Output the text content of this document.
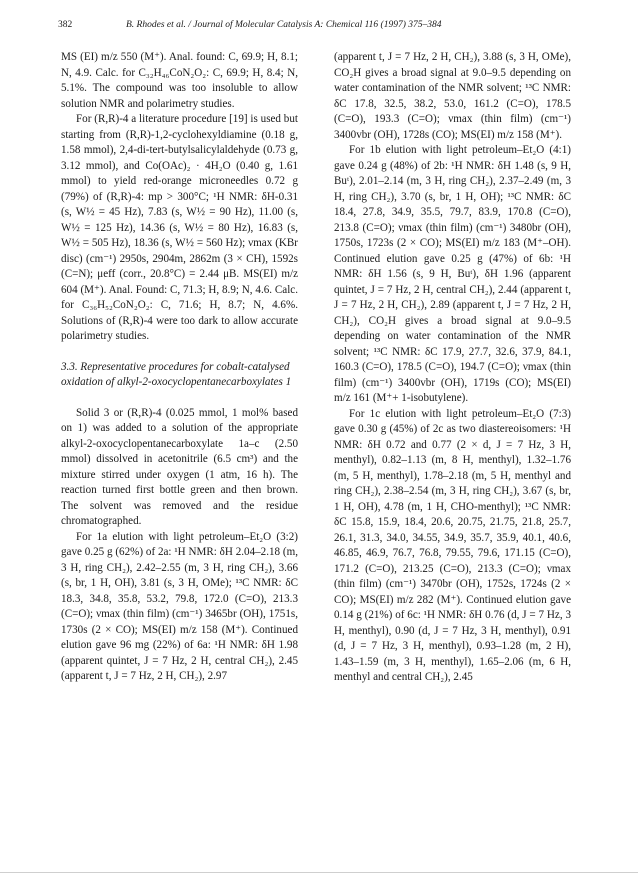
382	B. Rhodes et al. / Journal of Molecular Catalysis A: Chemical 116 (1997) 375–384

MS (EI) m/z 550 (M⁺). Anal. found: C, 69.9; H, 8.1; N, 4.9. Calc. for C₃₂H₄₆CoN₂O₂: C, 69.9; H, 8.4; N, 5.1%. The compound was too insoluble to allow solution NMR and polarimetry studies.

For (R,R)-4 a literature procedure [19] is used but starting from (R,R)-1,2-cyclohexyldiamine (0.18 g, 1.58 mmol), 2,4-di-tert-butylsalicylaldehyde (0.73 g, 3.12 mmol), and Co(OAc)₂ · 4H₂O (0.40 g, 1.61 mmol) to yield red-orange microneedles 0.72 g (79%) of (R,R)-4: mp > 300°C; ¹H NMR: δH-0.31 (s, W½ = 45 Hz), 7.83 (s, W½ = 90 Hz), 11.00 (s, W½ = 125 Hz), 14.36 (s, W½ = 80 Hz), 16.83 (s, W½ = 505 Hz), 18.36 (s, W½ = 560 Hz); νmax (KBr disc) (cm⁻¹) 2950s, 2904m, 2862m (3 × CH), 1592s (C=N); μeff (corr., 20.8°C) = 2.44 μB. MS(EI) m/z 604 (M⁺). Anal. Found: C, 71.3; H, 8.9; N, 4.6. Calc. for C₃₆H₅₂CoN₂O₂: C, 71.6; H, 8.7; N, 4.6%. Solutions of (R,R)-4 were too dark to allow accurate polarimetry studies.

3.3. Representative procedures for cobalt-catalysed oxidation of alkyl-2-oxocyclopentanecarboxylates 1

Solid 3 or (R,R)-4 (0.025 mmol, 1 mol% based on 1) was added to a solution of the appropriate alkyl-2-oxocyclopentanecarboxylate 1a–c (2.50 mmol) dissolved in acetonitrile (6.5 cm³) and the mixture stirred under oxygen (1 atm, 16 h). The reaction turned first bottle green and then brown. The solvent was removed and the residue chromatographed.

For 1a elution with light petroleum–Et₂O (3:2) gave 0.25 g (62%) of 2a: ¹H NMR: δH 2.04–2.18 (m, 3 H, ring CH₂), 2.42–2.55 (m, 3 H, ring CH₂), 3.66 (s, br, 1 H, OH), 3.81 (s, 3 H, OMe); ¹³C NMR: δC 18.3, 34.8, 35.8, 53.2, 79.8, 172.0 (C=O), 213.3 (C=O); νmax (thin film) (cm⁻¹) 3465br (OH), 1751s, 1730s (2 × CO); MS(EI) m/z 158 (M⁺). Continued elution gave 96 mg (22%) of 6a: ¹H NMR: δH 1.98 (apparent quintet, J = 7 Hz, 2 H, central CH₂), 2.45 (apparent t, J = 7 Hz, 2 H, CH₂), 2.97

(apparent t, J = 7 Hz, 2 H, CH₂), 3.88 (s, 3 H, OMe), CO₂H gives a broad signal at 9.0–9.5 depending on water contamination of the NMR solvent; ¹³C NMR: δC 17.8, 32.5, 38.2, 53.0, 161.2 (C=O), 178.5 (C=O), 193.3 (C=O); νmax (thin film) (cm⁻¹) 3400vbr (OH), 1728s (CO); MS(EI) m/z 158 (M⁺).

For 1b elution with light petroleum–Et₂O (4:1) gave 0.24 g (48%) of 2b: ¹H NMR: δH 1.48 (s, 9 H, Buᵗ), 2.01–2.14 (m, 3 H, ring CH₂), 2.37–2.49 (m, 3 H, ring CH₂), 3.70 (s, br, 1 H, OH); ¹³C NMR: δC 18.4, 27.8, 34.9, 35.5, 79.7, 83.9, 170.8 (C=O), 213.8 (C=O); νmax (thin film) (cm⁻¹) 3480br (OH), 1750s, 1723s (2 × CO); MS(EI) m/z 183 (M⁺–OH). Continued elution gave 0.25 g (47%) of 6b: ¹H NMR: δH 1.56 (s, 9 H, Buᵗ), δH 1.96 (apparent quintet, J = 7 Hz, 2 H, central CH₂), 2.44 (apparent t, J = 7 Hz, 2 H, CH₂), 2.89 (apparent t, J = 7 Hz, 2 H, CH₂), CO₂H gives a broad signal at 9.0–9.5 depending on water contamination of the NMR solvent; ¹³C NMR: δC 17.9, 27.7, 32.6, 37.9, 84.1, 160.3 (C=O), 178.5 (C=O), 194.7 (C=O); νmax (thin film) (cm⁻¹) 3400vbr (OH), 1719s (CO); MS(EI) m/z 161 (M⁺+ 1-isobutylene).

For 1c elution with light petroleum–Et₂O (7:3) gave 0.30 g (45%) of 2c as two diastereoisomers: ¹H NMR: δH 0.72 and 0.77 (2 × d, J = 7 Hz, 3 H, menthyl), 0.82–1.13 (m, 8 H, menthyl), 1.32–1.76 (m, 5 H, menthyl), 1.78–2.18 (m, 5 H, menthyl and ring CH₂), 2.38–2.54 (m, 3 H, ring CH₂), 3.67 (s, br, 1 H, OH), 4.78 (m, 1 H, CHO-menthyl); ¹³C NMR: δC 15.8, 15.9, 18.4, 20.6, 20.75, 21.75, 21.8, 25.7, 26.1, 31.3, 34.0, 34.55, 34.9, 35.7, 35.9, 40.1, 40.6, 46.85, 46.9, 76.7, 76.8, 79.55, 79.6, 171.15 (C=O), 171.2 (C=O), 213.25 (C=O), 213.3 (C=O); νmax (thin film) (cm⁻¹) 3470br (OH), 1752s, 1724s (2 × CO); MS(EI) m/z 282 (M⁺). Continued elution gave 0.14 g (21%) of 6c: ¹H NMR: δH 0.76 (d, J = 7 Hz, 3 H, menthyl), 0.90 (d, J = 7 Hz, 3 H, menthyl), 0.91 (d, J = 7 Hz, 3 H, menthyl), 0.93–1.28 (m, 2 H), 1.43–1.59 (m, 3 H, menthyl), 1.65–2.06 (m, 6 H, menthyl and central CH₂), 2.45
